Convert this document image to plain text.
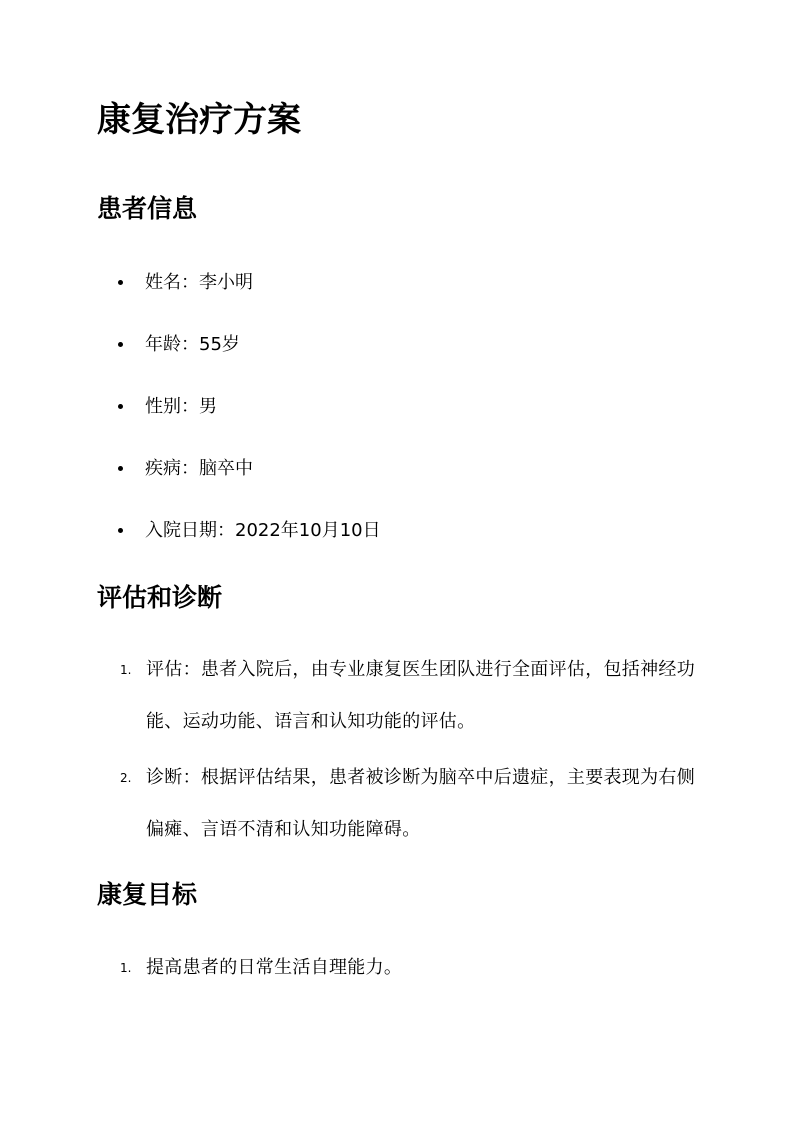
康复治疗方案
患者信息
姓名：李小明
年龄：55岁
性别：男
疾病：脑卒中
入院日期：2022年10月10日
评估和诊断
1. 评估：患者入院后，由专业康复医生团队进行全面评估，包括神经功能、运动功能、语言和认知功能的评估。
2. 诊断：根据评估结果，患者被诊断为脑卒中后遗症，主要表现为右侧偏瘫、言语不清和认知功能障碍。
康复目标
1. 提高患者的日常生活自理能力。
